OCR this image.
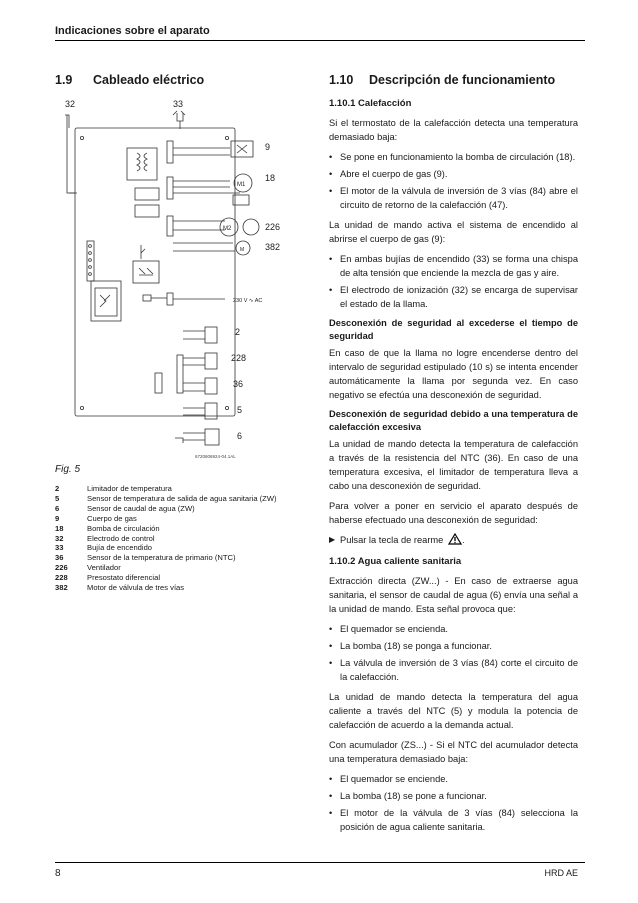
Indicaciones sobre el aparato
1.9 Cableado eléctrico
32	33
9
18
226
382
M1
M2
M
230 V ∿ AC
2
228
36
5
6
6720606924-04.1AL
Fig. 5
2	Limitador de temperatura
5	Sensor de temperatura de salida de agua sanitaria (ZW)
6	Sensor de caudal de agua (ZW)
9	Cuerpo de gas
18	Bomba de circulación
32	Electrodo de control
33	Bujía de encendido
36	Sensor de la temperatura de primario (NTC)
226	Ventilador
228	Presostato diferencial
382	Motor de válvula de tres vías
1.10 Descripción de funcionamiento
1.10.1 Calefacción

Si el termostato de la calefacción detecta una temperatura demasiado baja:

• Se pone en funcionamiento la bomba de circulación (18).
• Abre el cuerpo de gas (9).
• El motor de la válvula de inversión de 3 vías (84) abre el circuito de retorno de la calefacción (47).

La unidad de mando activa el sistema de encendido al abrirse el cuerpo de gas (9):

• En ambas bujías de encendido (33) se forma una chispa de alta tensión que enciende la mezcla de gas y aire.
• El electrodo de ionización (32) se encarga de supervisar el estado de la llama.
Desconexión de seguridad al excederse el tiempo de seguridad

En caso de que la llama no logre encenderse dentro del intervalo de seguridad estipulado (10 s) se intenta encender automáticamente la llama por segunda vez. En caso negativo se efectúa una desconexión de seguridad.

Desconexión de seguridad debido a una temperatura de calefacción excesiva

La unidad de mando detecta la temperatura de calefacción a través de la resistencia del NTC (36). En caso de una temperatura excesiva, el limitador de temperatura lleva a cabo una desconexión de seguridad.

Para volver a poner en servicio el aparato después de haberse efectuado una desconexión de seguridad:

▶ Pulsar la tecla de rearme .
1.10.2 Agua caliente sanitaria

Extracción directa (ZW...) - En caso de extraerse agua sanitaria, el sensor de caudal de agua (6) envía una señal a la unidad de mando. Esta señal provoca que:

• El quemador se encienda.
• La bomba (18) se ponga a funcionar.
• La válvula de inversión de 3 vías (84) corte el circuito de la calefacción.

La unidad de mando detecta la temperatura del agua caliente a través del NTC (5) y modula la potencia de calefacción de acuerdo a la demanda actual.

Con acumulador (ZS...) - Si el NTC del acumulador detecta una temperatura demasiado baja:

• El quemador se enciende.
• La bomba (18) se pone a funcionar.
• El motor de la válvula de 3 vías (84) selecciona la posición de agua caliente sanitaria.
8	HRD AE
